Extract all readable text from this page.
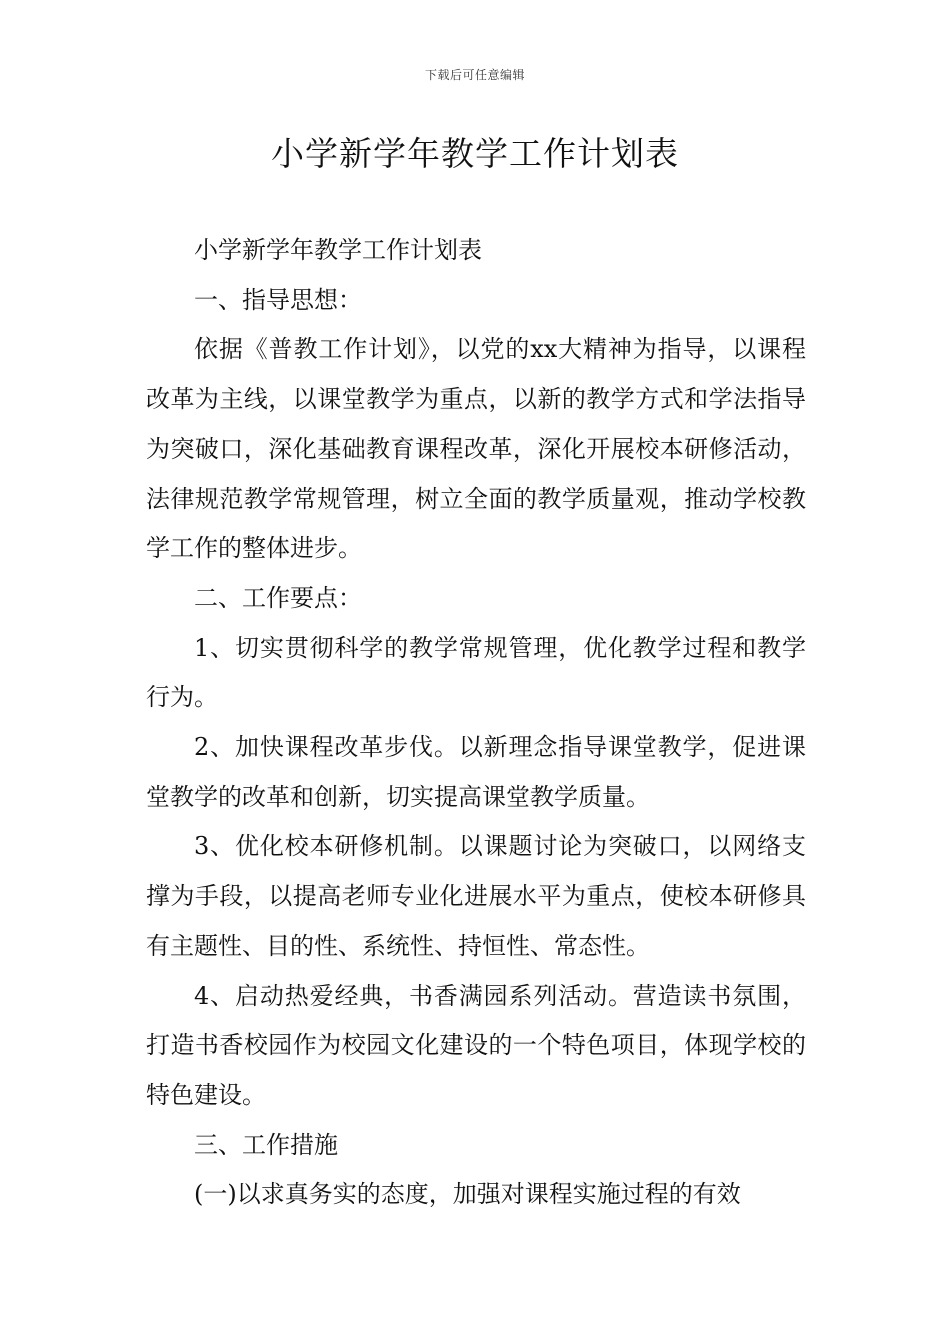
下载后可任意编辑
小学新学年教学工作计划表

小学新学年教学工作计划表

一、指导思想：

依据《普教工作计划》，以党的xx大精神为指导，以课程改革为主线，以课堂教学为重点，以新的教学方式和学法指导为突破口，深化基础教育课程改革，深化开展校本研修活动，法律规范教学常规管理，树立全面的教学质量观，推动学校教学工作的整体进步。

二、工作要点：

1、切实贯彻科学的教学常规管理，优化教学过程和教学行为。

2、加快课程改革步伐。以新理念指导课堂教学，促进课堂教学的改革和创新，切实提高课堂教学质量。

3、优化校本研修机制。以课题讨论为突破口，以网络支撑为手段，以提高老师专业化进展水平为重点，使校本研修具有主题性、目的性、系统性、持恒性、常态性。

4、启动热爱经典，书香满园系列活动。营造读书氛围，打造书香校园作为校园文化建设的一个特色项目，体现学校的特色建设。

三、工作措施

(一)以求真务实的态度，加强对课程实施过程的有效
